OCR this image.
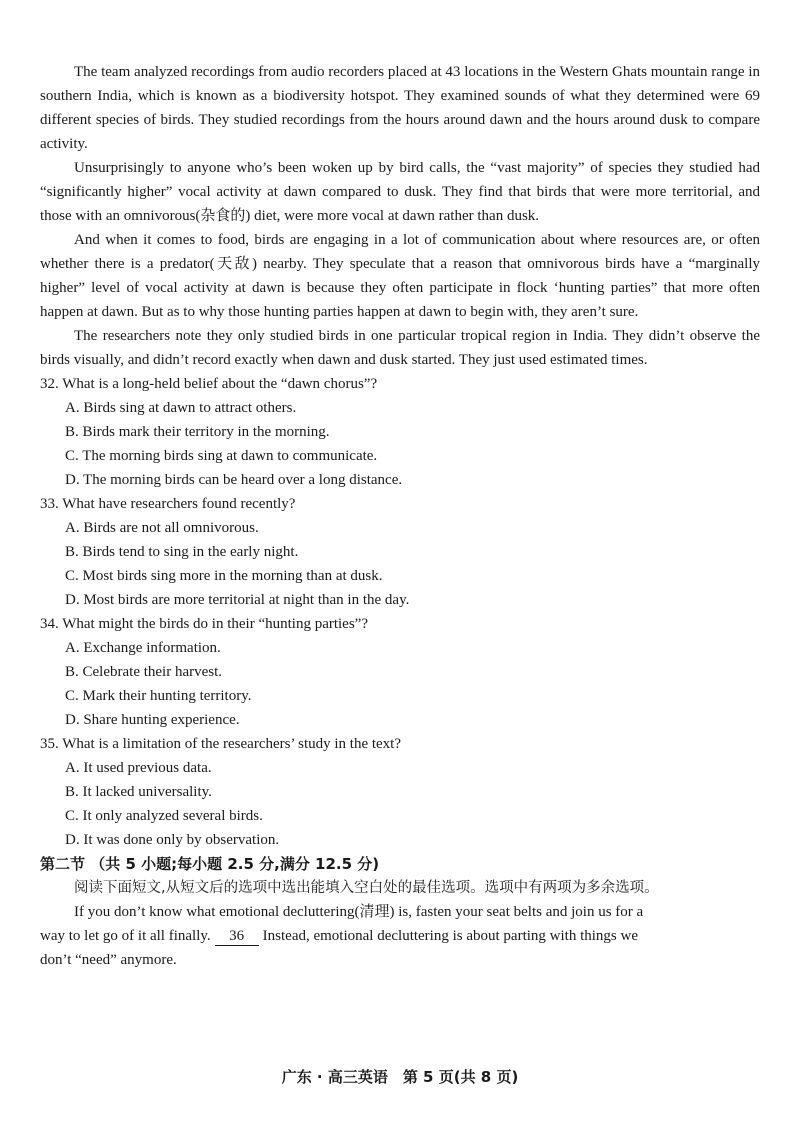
The team analyzed recordings from audio recorders placed at 43 locations in the Western Ghats mountain range in southern India, which is known as a biodiversity hotspot. They examined sounds of what they determined were 69 different species of birds. They studied recordings from the hours around dawn and the hours around dusk to compare activity.

Unsurprisingly to anyone who’s been woken up by bird calls, the “vast majority” of species they studied had “significantly higher” vocal activity at dawn compared to dusk. They find that birds that were more territorial, and those with an omnivorous(杂食的) diet, were more vocal at dawn rather than dusk.

And when it comes to food, birds are engaging in a lot of communication about where resources are, or often whether there is a predator(天敌) nearby. They speculate that a reason that omnivorous birds have a “marginally higher” level of vocal activity at dawn is because they often participate in flock ‘hunting parties” that more often happen at dawn. But as to why those hunting parties happen at dawn to begin with, they aren’t sure.

The researchers note they only studied birds in one particular tropical region in India. They didn’t observe the birds visually, and didn’t record exactly when dawn and dusk started. They just used estimated times.

32. What is a long-held belief about the “dawn chorus”?

A. Birds sing at dawn to attract others.

B. Birds mark their territory in the morning.

C. The morning birds sing at dawn to communicate.

D. The morning birds can be heard over a long distance.

33. What have researchers found recently?

A. Birds are not all omnivorous.

B. Birds tend to sing in the early night.

C. Most birds sing more in the morning than at dusk.

D. Most birds are more territorial at night than in the day.

34. What might the birds do in their “hunting parties”?

A. Exchange information.

B. Celebrate their harvest.

C. Mark their hunting territory.

D. Share hunting experience.

35. What is a limitation of the researchers’ study in the text?

A. It used previous data.

B. It lacked universality.

C. It only analyzed several birds.

D. It was done only by observation.

第二节 （共 5 小题;每小题 2.5 分,满分 12.5 分)

阅读下面短文,从短文后的选项中选出能填入空白处的最佳选项。选项中有两项为多余选项。

If you don’t know what emotional decluttering(清理) is, fasten your seat belts and join us for a

way to let go of it all finally. 36 Instead, emotional decluttering is about parting with things we

don’t “need” anymore.

广东 · 高三英语　第 5 页(共 8 页)
